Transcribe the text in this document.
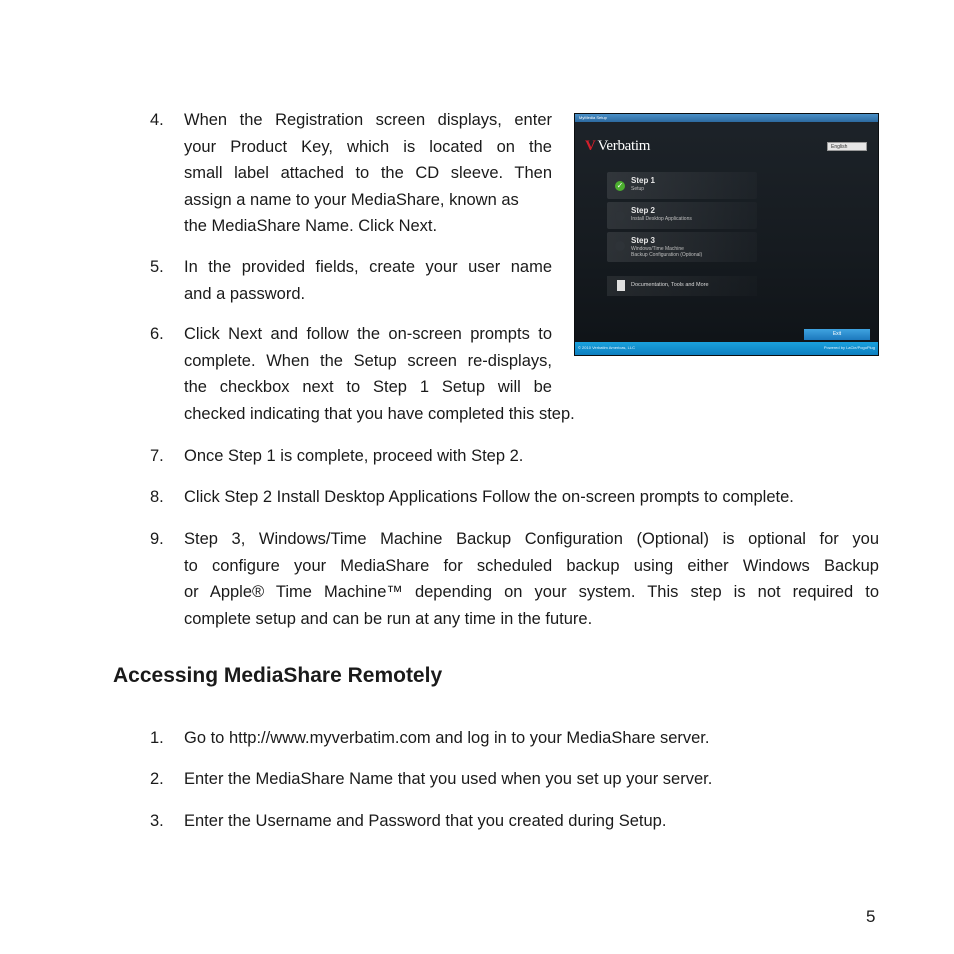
4.	When the Registration screen displays, enter
your Product Key, which is located on the
small label attached to the CD sleeve. Then
assign a name to your MediaShare, known as
the MediaShare Name. Click Next.
5.	In the provided fields, create your user name
and a password.
6.	Click Next and follow the on-screen prompts to
complete. When the Setup screen re-displays,
the checkbox next to Step 1 Setup will be
checked indicating that you have completed this step.
7.	Once Step 1 is complete, proceed with Step 2.
8.	Click Step 2 Install Desktop Applications Follow the on-screen prompts to complete.
9.	Step 3, Windows/Time Machine Backup Configuration (Optional) is optional for you
to configure your MediaShare for scheduled backup using either Windows Backup
or Apple® Time Machine™ depending on your system. This step is not required to
complete setup and can be run at any time in the future.
Accessing MediaShare Remotely
1.	Go to http://www.myverbatim.com and log in to your MediaShare server.
2.	Enter the MediaShare Name that you used when you set up your server.
3.	Enter the Username and Password that you created during Setup.
5
MyMedia Setup
V Verbatim	English
✓
Step 1
Setup
Step 2
Install Desktop Applications
Step 3
Windows/Time Machine
Backup Configuration (Optional)
Documentation, Tools and More
Exit
© 2010 Verbatim Americas, LLC	Powered by LaCie/PogoPlug
